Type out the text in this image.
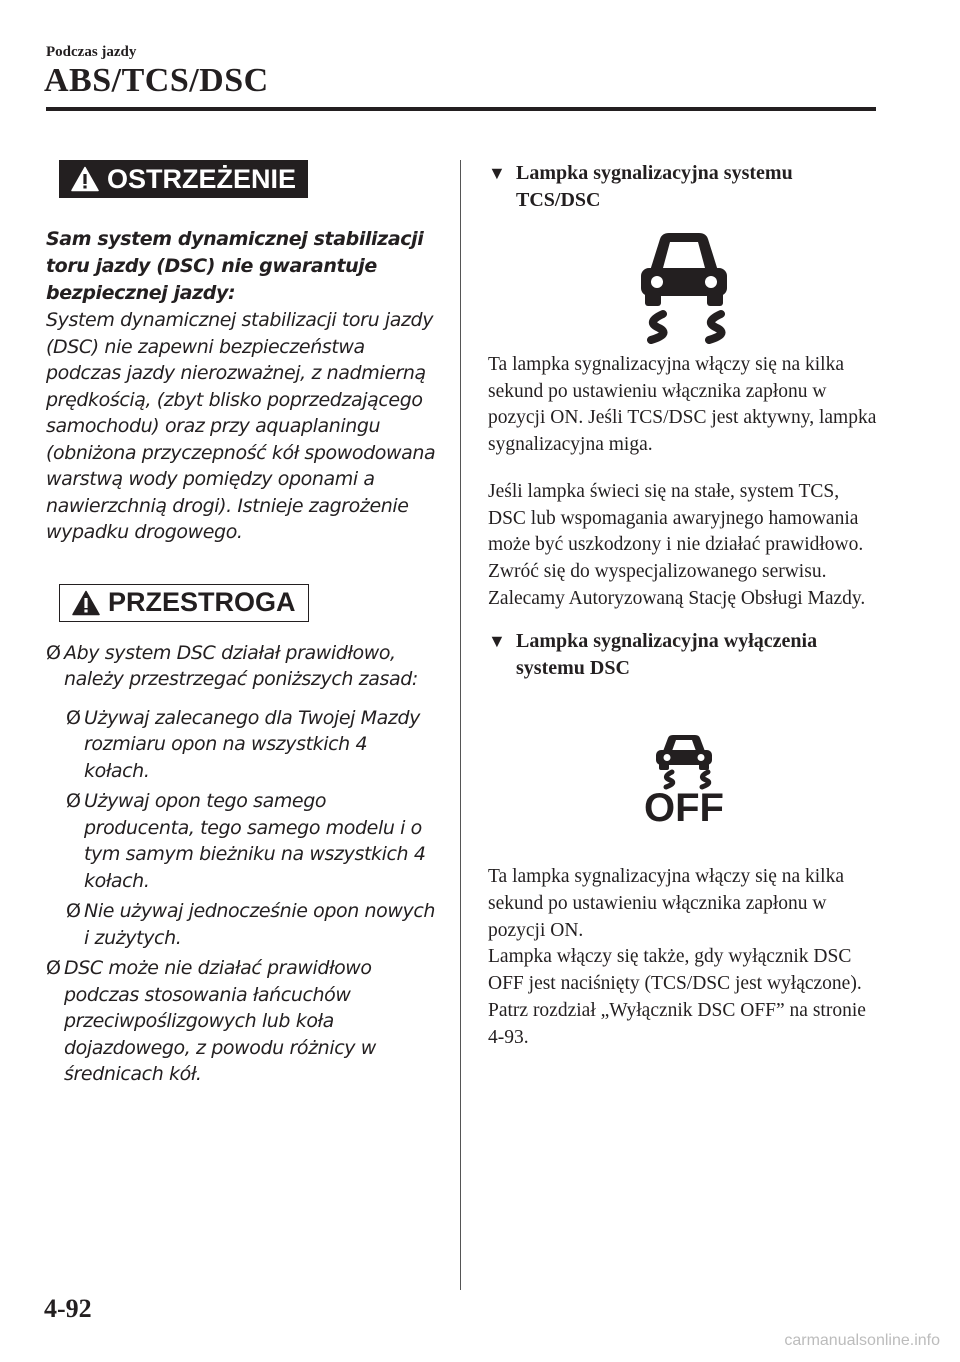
Podczas jazdy
ABS/TCS/DSC
OSTRZEŻENIE
Sam system dynamicznej stabilizacji toru jazdy (DSC) nie gwarantuje bezpiecznej jazdy:
System dynamicznej stabilizacji toru jazdy (DSC) nie zapewni bezpieczeństwa podczas jazdy nierozważnej, z nadmierną prędkością, (zbyt blisko poprzedzającego samochodu) oraz przy aquaplaningu (obniżona przyczepność kół spowodowana warstwą wody pomiędzy oponami a nawierzchnią drogi). Istnieje zagrożenie wypadku drogowego.
PRZESTROGA
Ø Aby system DSC działał prawidłowo, należy przestrzegać poniższych zasad:
Ø Używaj zalecanego dla Twojej Mazdy rozmiaru opon na wszystkich 4 kołach.
Ø Używaj opon tego samego producenta, tego samego modelu i o tym samym bieżniku na wszystkich 4 kołach.
Ø Nie używaj jednocześnie opon nowych i zużytych.
Ø DSC może nie działać prawidłowo podczas stosowania łańcuchów przeciwpoślizgowych lub koła dojazdowego, z powodu różnicy w średnicach kół.
▼ Lampka sygnalizacyjna systemu TCS/DSC
Ta lampka sygnalizacyjna włączy się na kilka sekund po ustawieniu włącznika zapłonu w pozycji ON. Jeśli TCS/DSC jest aktywny, lampka sygnalizacyjna miga.
Jeśli lampka świeci się na stałe, system TCS, DSC lub wspomagania awaryjnego hamowania może być uszkodzony i nie działać prawidłowo. Zwróć się do wyspecjalizowanego serwisu. Zalecamy Autoryzowaną Stację Obsługi Mazdy.
▼ Lampka sygnalizacyjna wyłączenia systemu DSC
OFF
Ta lampka sygnalizacyjna włączy się na kilka sekund po ustawieniu włącznika zapłonu w pozycji ON.
Lampka włączy się także, gdy wyłącznik DSC OFF jest naciśnięty (TCS/DSC jest wyłączone).
Patrz rozdział „Wyłącznik DSC OFF” na stronie 4-93.
4-92
carmanualsonline.info
